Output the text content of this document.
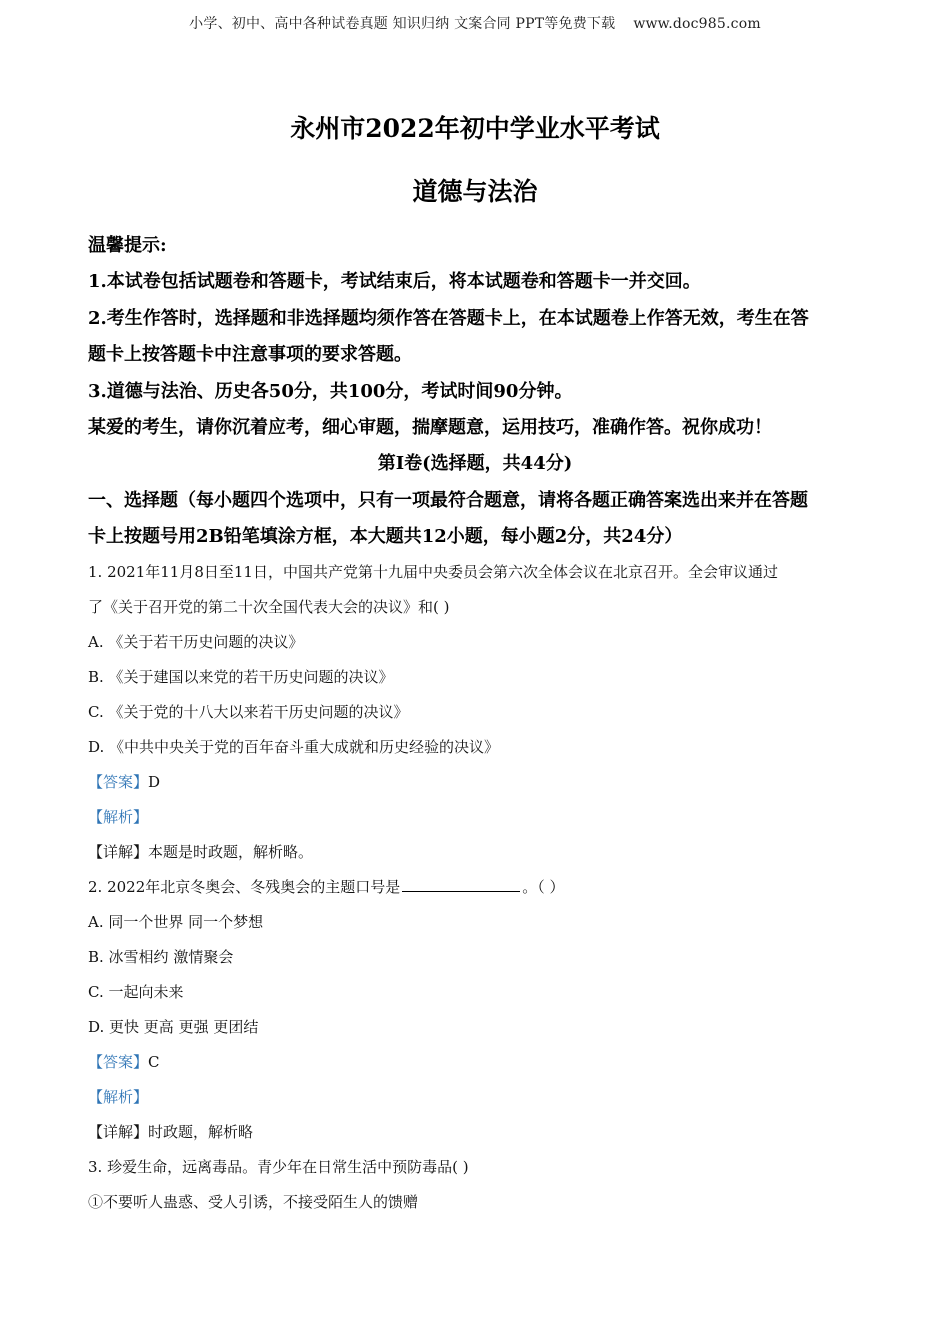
小学、初中、高中各种试卷真题 知识归纳 文案合同 PPT等免费下载 www.doc985.com
永州市2022年初中学业水平考试
道德与法治
温馨提示:
1.本试卷包括试题卷和答题卡，考试结束后，将本试题卷和答题卡一并交回。
2.考生作答时，选择题和非选择题均须作答在答题卡上，在本试题卷上作答无效，考生在答
题卡上按答题卡中注意事项的要求答题。
3.道德与法治、历史各50分，共100分，考试时间90分钟。
某爱的考生，请你沉着应考，细心审题，揣摩题意，运用技巧，准确作答。祝你成功！
第Ⅰ卷(选择题，共44分)
一、选择题（每小题四个选项中，只有一项最符合题意，请将各题正确答案选出来并在答题
卡上按题号用2B铅笔填涂方框，本大题共12小题，每小题2分，共24分）
1. 2021年11月8日至11日，中国共产党第十九届中央委员会第六次全体会议在北京召开。全会审议通过
了《关于召开党的第二十次全国代表大会的决议》和( )
A. 《关于若干历史问题的决议》
B. 《关于建国以来党的若干历史问题的决议》
C. 《关于党的十八大以来若干历史问题的决议》
D. 《中共中央关于党的百年奋斗重大成就和历史经验的决议》
【答案】D
【解析】
【详解】本题是时政题，解析略。
2. 2022年北京冬奥会、冬残奥会的主题口号是	。（ ）
A. 同一个世界 同一个梦想
B. 冰雪相约 激情聚会
C. 一起向未来
D. 更快 更高 更强 更团结
【答案】C
【解析】
【详解】时政题，解析略
3. 珍爱生命，远离毒品。青少年在日常生活中预防毒品( )
①不要听人蛊惑、受人引诱，不接受陌生人的馈赠
